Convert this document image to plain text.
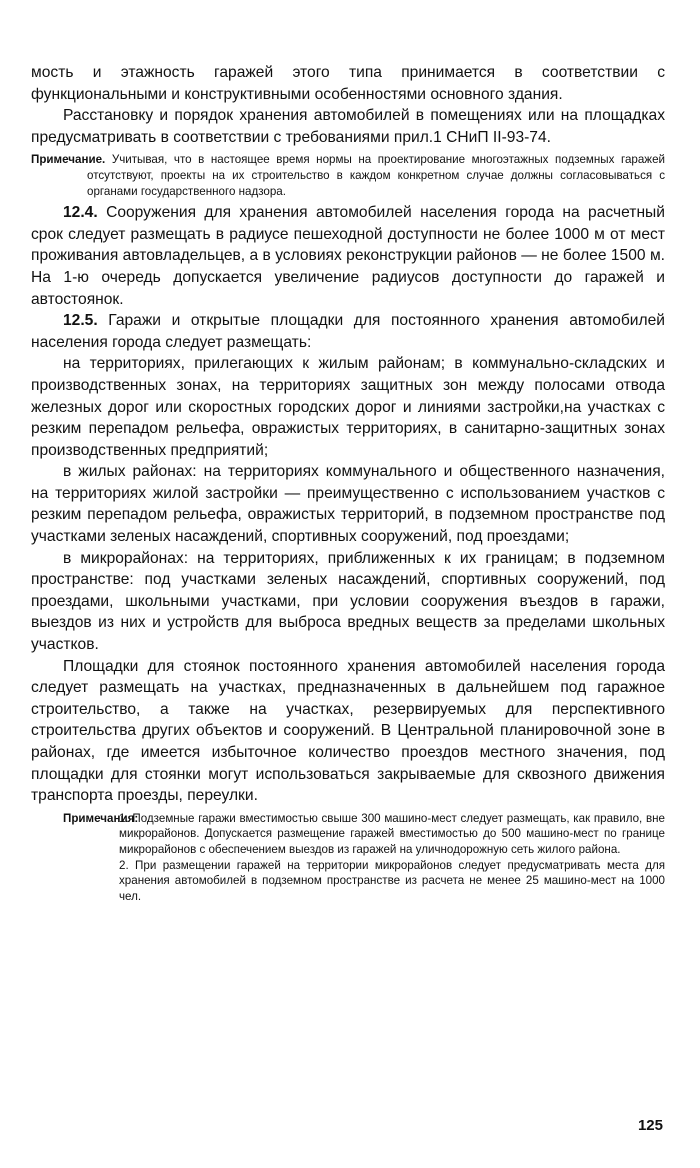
мость и этажность гаражей этого типа принимается в соответствии с функциональными и конструктивными особенностями основного здания.

Расстановку и порядок хранения автомобилей в помещениях или на площадках предусматривать в соответствии с требованиями прил.1 СНиП II-93-74.

Примечание. Учитывая, что в настоящее время нормы на проектирование многоэтажных подземных гаражей отсутствуют, проекты на их строительство в каждом конкретном случае должны согласовываться с органами государственного надзора.

12.4. Сооружения для хранения автомобилей населения города на расчетный срок следует размещать в радиусе пешеходной доступности не более 1000 м от мест проживания автовладельцев, а в условиях реконструкции районов — не более 1500 м. На 1-ю очередь допускается увеличение радиусов доступности до гаражей и автостоянок.

12.5. Гаражи и открытые площадки для постоянного хранения автомобилей населения города следует размещать:

на территориях, прилегающих к жилым районам; в коммунально-складских и производственных зонах, на территориях защитных зон между полосами отвода железных дорог или скоростных городских дорог и линиями застройки,на участках с резким перепадом рельефа, овражистых территориях, в санитарно-защитных зонах производственных предприятий;

в жилых районах: на территориях коммунального и общественного назначения, на территориях жилой застройки — преимущественно с использованием участков с резким перепадом рельефа, овражистых территорий, в подземном пространстве под участками зеленых насаждений, спортивных сооружений, под проездами;

в микрорайонах: на территориях, приближенных к их границам; в подземном пространстве: под участками зеленых насаждений, спортивных сооружений, под проездами, школьными участками, при условии сооружения въездов в гаражи, выездов из них и устройств для выброса вредных веществ за пределами школьных участков.

Площадки для стоянок постоянного хранения автомобилей населения города следует размещать на участках, предназначенных в дальнейшем под гаражное строительство, а также на участках, резервируемых для перспективного строительства других объектов и сооружений. В Центральной планировочной зоне в районах, где имеется избыточное количество проездов местного значения, под площадки для стоянки могут использоваться закрываемые для сквозного движения транспорта проезды, переулки.

Примечания:
1. Подземные гаражи вместимостью свыше 300 машино-мест следует размещать, как правило, вне микрорайонов. Допускается размещение гаражей вместимостью до 500 машино-мест по границе микрорайонов с обеспечением выездов из гаражей на уличнодорожную сеть жилого района.
2. При размещении гаражей на территории микрорайонов следует предусматривать места для хранения автомобилей в подземном пространстве из расчета не менее 25 машино-мест на 1000 чел.
125
